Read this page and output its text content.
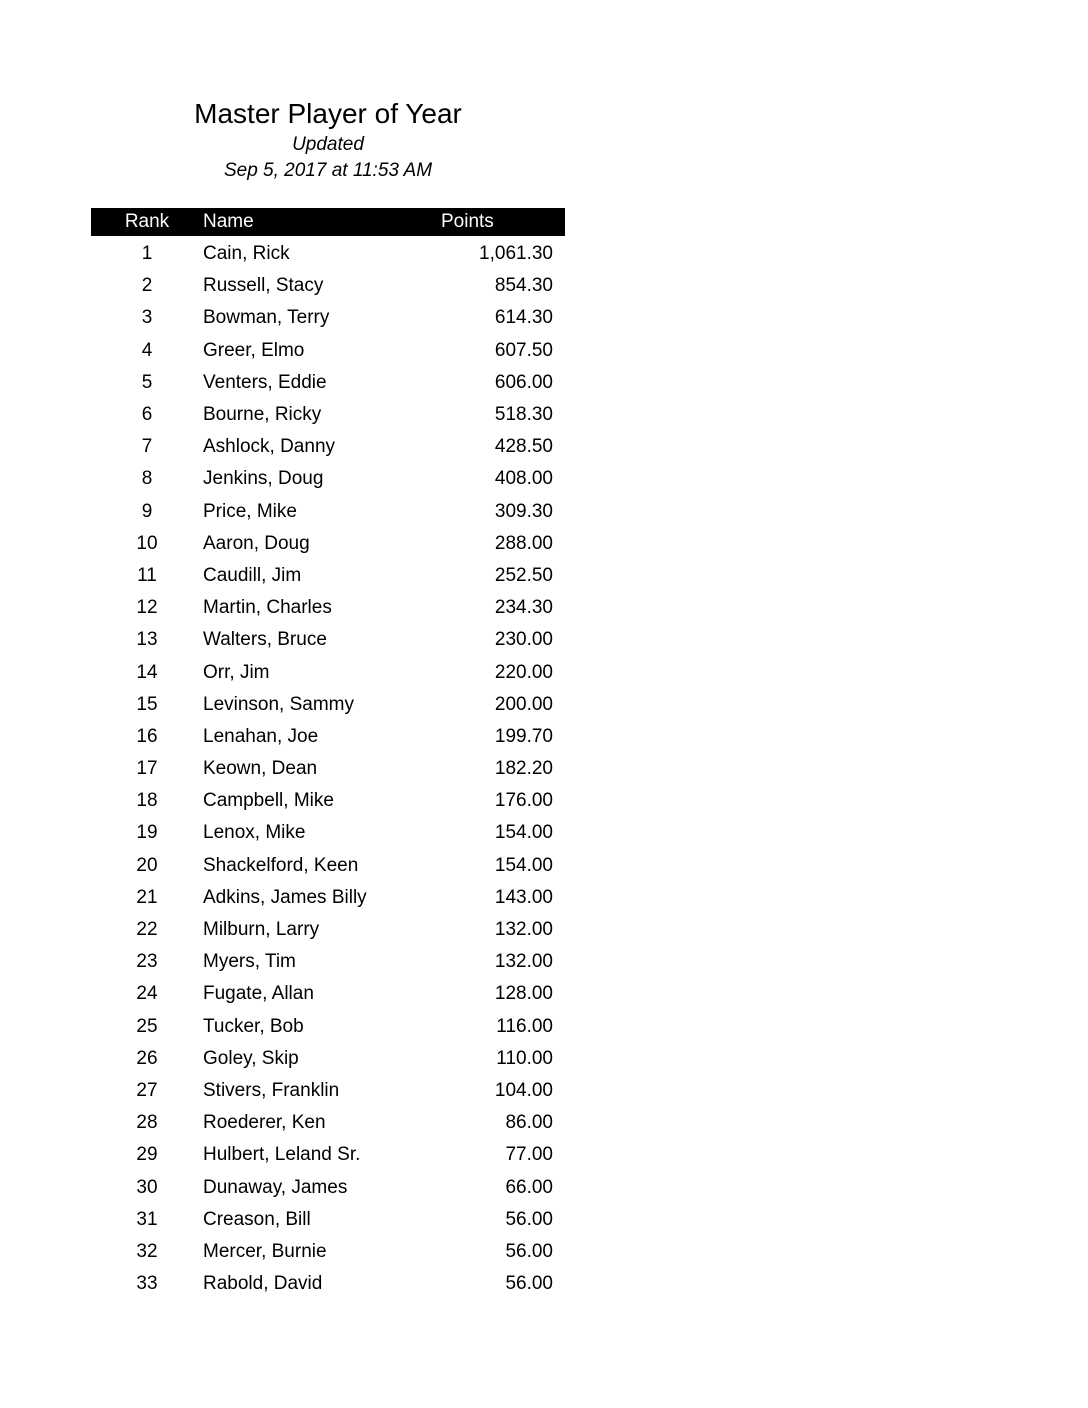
Master Player of Year
Updated
Sep 5, 2017 at 11:53 AM
Rank	Name	Points
1	Cain, Rick	1,061.30
2	Russell, Stacy	854.30
3	Bowman, Terry	614.30
4	Greer, Elmo	607.50
5	Venters, Eddie	606.00
6	Bourne, Ricky	518.30
7	Ashlock, Danny	428.50
8	Jenkins, Doug	408.00
9	Price, Mike	309.30
10	Aaron, Doug	288.00
11	Caudill, Jim	252.50
12	Martin, Charles	234.30
13	Walters, Bruce	230.00
14	Orr, Jim	220.00
15	Levinson, Sammy	200.00
16	Lenahan, Joe	199.70
17	Keown, Dean	182.20
18	Campbell, Mike	176.00
19	Lenox, Mike	154.00
20	Shackelford, Keen	154.00
21	Adkins, James Billy	143.00
22	Milburn, Larry	132.00
23	Myers, Tim	132.00
24	Fugate, Allan	128.00
25	Tucker, Bob	116.00
26	Goley, Skip	110.00
27	Stivers, Franklin	104.00
28	Roederer, Ken	86.00
29	Hulbert, Leland Sr.	77.00
30	Dunaway, James	66.00
31	Creason, Bill	56.00
32	Mercer, Burnie	56.00
33	Rabold, David	56.00
